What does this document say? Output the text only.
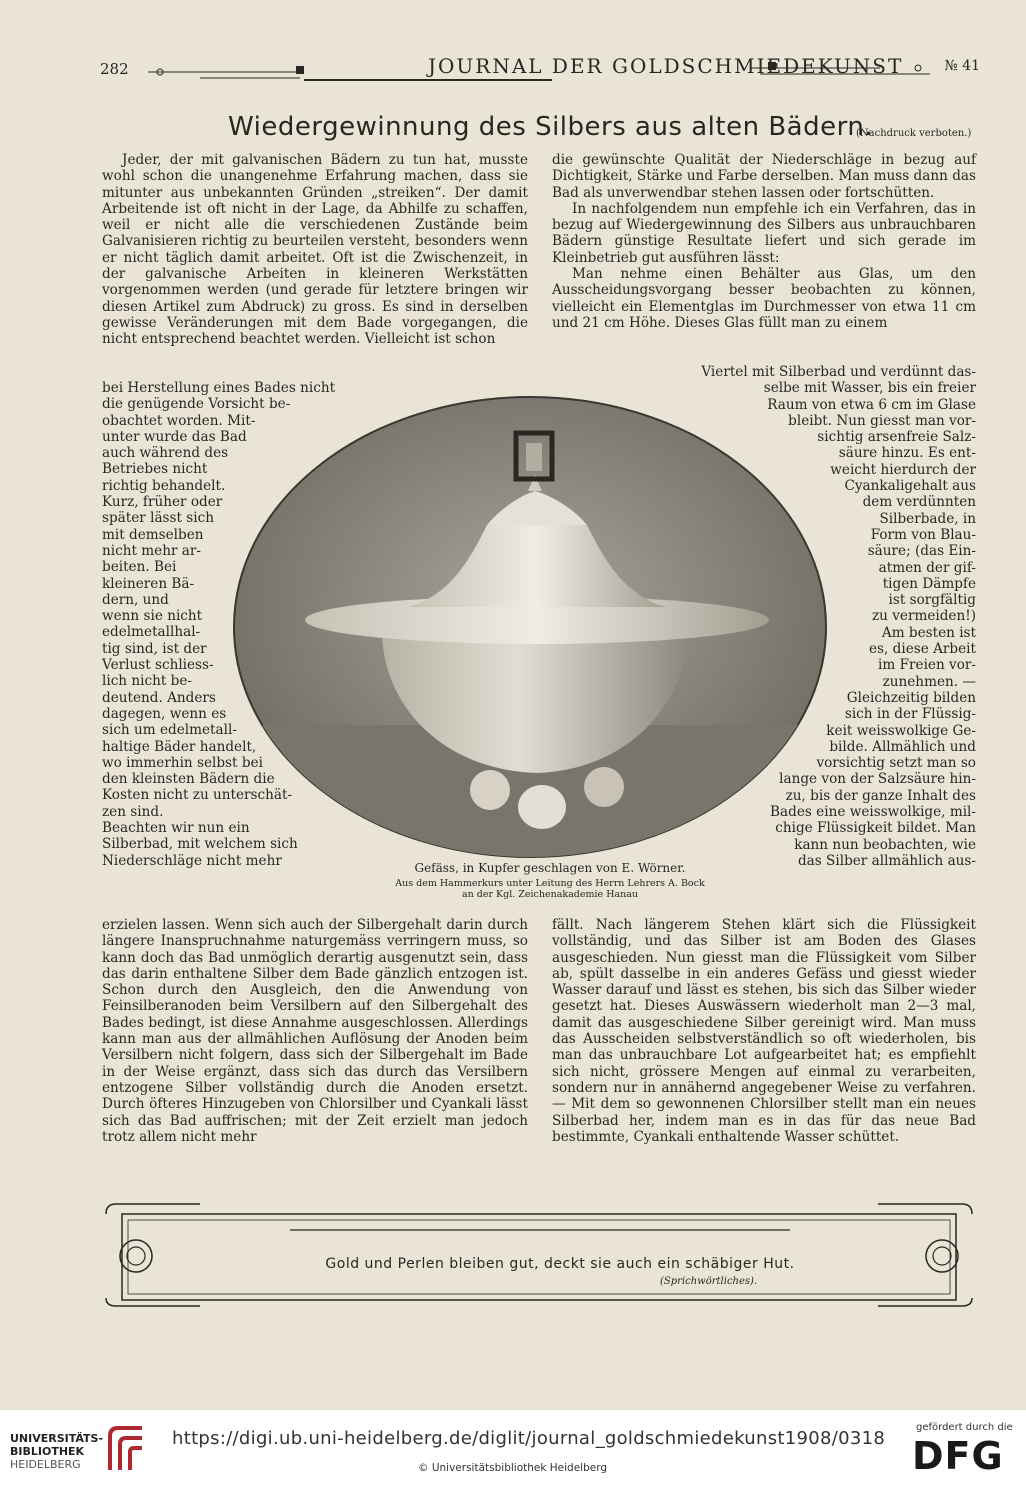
282	JOURNAL DER GOLDSCHMIEDEKUNST	№ 41
Wiedergewinnung des Silbers aus alten Bädern.
(Nachdruck verboten.)

Jeder, der mit galvanischen Bädern zu tun hat, musste wohl schon die unangenehme Erfahrung machen, dass sie mitunter aus unbekannten Gründen „streiken“. Der damit Arbeitende ist oft nicht in der Lage, da Abhilfe zu schaffen, weil er nicht alle die verschiedenen Zustände beim Galvanisieren richtig zu beurteilen versteht, besonders wenn er nicht täglich damit arbeitet. Oft ist die Zwischenzeit, in der galvanische Arbeiten in kleineren Werkstätten vorgenommen werden (und gerade für letztere bringen wir diesen Artikel zum Abdruck) zu gross. Es sind in derselben gewisse Veränderungen mit dem Bade vorgegangen, die nicht entsprechend beachtet werden. Vielleicht ist schon

bei Herstellung eines Bades nicht
die genügende Vorsicht be-
obachtet worden. Mit-
unter wurde das Bad
auch während des
Betriebes nicht
richtig behandelt.
Kurz, früher oder
später lässt sich
mit demselben
nicht mehr ar-
beiten. Bei
kleineren Bä-
dern, und
wenn sie nicht
edelmetallhal-
tig sind, ist der
Verlust schliess-
lich nicht be-
deutend. Anders
dagegen, wenn es
sich um edelmetall-
haltige Bäder handelt,
wo immerhin selbst bei
den kleinsten Bädern die
Kosten nicht zu unterschät-
zen sind.
Beachten wir nun ein
Silberbad, mit welchem sich
Niederschläge nicht mehr

erzielen lassen. Wenn sich auch der Silbergehalt darin durch längere Inanspruchnahme naturgemäss verringern muss, so kann doch das Bad unmöglich derartig ausgenutzt sein, dass das darin enthaltene Silber dem Bade gänzlich entzogen ist. Schon durch den Ausgleich, den die Anwendung von Feinsilberanoden beim Versilbern auf den Silbergehalt des Bades bedingt, ist diese Annahme ausgeschlossen. Allerdings kann man aus der allmählichen Auflösung der Anoden beim Versilbern nicht folgern, dass sich der Silbergehalt im Bade in der Weise ergänzt, dass sich das durch das Versilbern entzogene Silber vollständig durch die Anoden ersetzt. Durch öfteres Hinzugeben von Chlorsilber und Cyankali lässt sich das Bad auffrischen; mit der Zeit erzielt man jedoch trotz allem nicht mehr

die gewünschte Qualität der Niederschläge in bezug auf Dichtigkeit, Stärke und Farbe derselben. Man muss dann das Bad als unverwendbar stehen lassen oder fortschütten.

In nachfolgendem nun empfehle ich ein Verfahren, das in bezug auf Wiedergewinnung des Silbers aus unbrauchbaren Bädern günstige Resultate liefert und sich gerade im Kleinbetrieb gut ausführen lässt:

Man nehme einen Behälter aus Glas, um den Ausscheidungsvorgang besser beobachten zu können, vielleicht ein Elementglas im Durchmesser von etwa 11 cm und 21 cm Höhe. Dieses Glas füllt man zu einem

Viertel mit Silberbad und verdünnt das-
selbe mit Wasser, bis ein freier
Raum von etwa 6 cm im Glase
bleibt. Nun giesst man vor-
sichtig arsenfreie Salz-
säure hinzu. Es ent-
weicht hierdurch der
Cyankaligehalt aus
dem verdünnten
Silberbade, in
Form von Blau-
säure; (das Ein-
atmen der gif-
tigen Dämpfe
ist sorgfältig
zu vermeiden!)
Am besten ist
es, diese Arbeit
im Freien vor-
zunehmen. —
Gleichzeitig bilden
sich in der Flüssig-
keit weisswolkige Ge-
bilde. Allmählich und
vorsichtig setzt man so
lange von der Salzsäure hin-
zu, bis der ganze Inhalt des
Bades eine weisswolkige, mil-
chige Flüssigkeit bildet. Man
kann nun beobachten, wie
das Silber allmählich aus-

fällt. Nach längerem Stehen klärt sich die Flüssigkeit vollständig, und das Silber ist am Boden des Glases ausgeschieden. Nun giesst man die Flüssigkeit vom Silber ab, spült dasselbe in ein anderes Gefäss und giesst wieder Wasser darauf und lässt es stehen, bis sich das Silber wieder gesetzt hat. Dieses Auswässern wiederholt man 2—3 mal, damit das ausgeschiedene Silber gereinigt wird. Man muss das Ausscheiden selbstverständlich so oft wiederholen, bis man das unbrauchbare Lot aufgearbeitet hat; es empfiehlt sich nicht, grössere Mengen auf einmal zu verarbeiten, sondern nur in annähernd angegebener Weise zu verfahren. — Mit dem so gewonnenen Chlorsilber stellt man ein neues Silberbad her, indem man es in das für das neue Bad bestimmte, Cyankali enthaltende Wasser schüttet.

Gefäss, in Kupfer geschlagen von E. Wörner.
Aus dem Hammerkurs unter Leitung des Herrn Lehrers A. Bock
an der Kgl. Zeichenakademie Hanau
Gold und Perlen bleiben gut, deckt sie auch ein schäbiger Hut.
(Sprichwörtliches).
UNIVERSITÄTS-
BIBLIOTHEK
HEIDELBERG
https://digi.ub.uni-heidelberg.de/diglit/journal_goldschmiedekunst1908/0318
© Universitätsbibliothek Heidelberg
gefördert durch die
DFG
